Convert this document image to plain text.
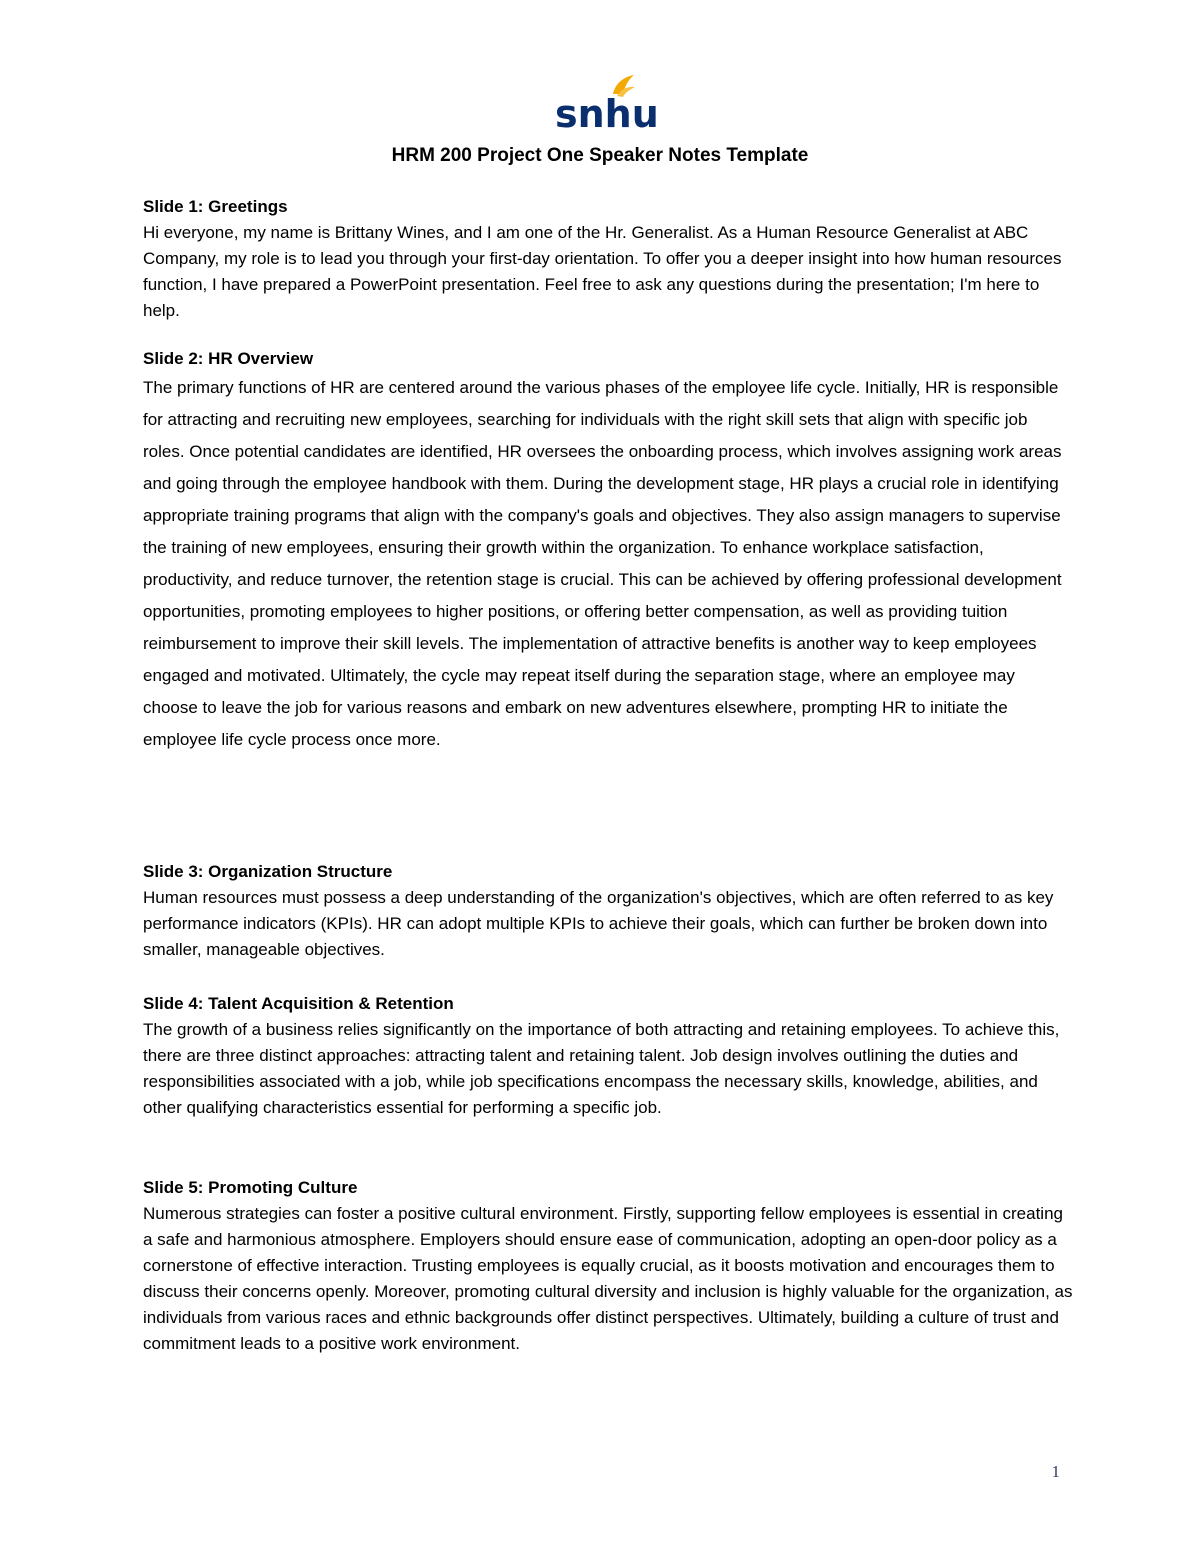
snhu
HRM 200 Project One Speaker Notes Template

Slide 1: Greetings

Hi everyone, my name is Brittany Wines, and I am one of the Hr. Generalist. As a Human Resource Generalist at ABC Company, my role is to lead you through your first-day orientation. To offer you a deeper insight into how human resources function, I have prepared a PowerPoint presentation. Feel free to ask any questions during the presentation; I'm here to help.

Slide 2: HR Overview

The primary functions of HR are centered around the various phases of the employee life cycle. Initially, HR is responsible for attracting and recruiting new employees, searching for individuals with the right skill sets that align with specific job roles. Once potential candidates are identified, HR oversees the onboarding process, which involves assigning work areas and going through the employee handbook with them. During the development stage, HR plays a crucial role in identifying appropriate training programs that align with the company's goals and objectives. They also assign managers to supervise the training of new employees, ensuring their growth within the organization. To enhance workplace satisfaction, productivity, and reduce turnover, the retention stage is crucial. This can be achieved by offering professional development opportunities, promoting employees to higher positions, or offering better compensation, as well as providing tuition reimbursement to improve their skill levels. The implementation of attractive benefits is another way to keep employees engaged and motivated. Ultimately, the cycle may repeat itself during the separation stage, where an employee may choose to leave the job for various reasons and embark on new adventures elsewhere, prompting HR to initiate the employee life cycle process once more.

Slide 3: Organization Structure

Human resources must possess a deep understanding of the organization's objectives, which are often referred to as key performance indicators (KPIs). HR can adopt multiple KPIs to achieve their goals, which can further be broken down into smaller, manageable objectives.

Slide 4: Talent Acquisition & Retention

The growth of a business relies significantly on the importance of both attracting and retaining employees. To achieve this, there are three distinct approaches: attracting talent and retaining talent. Job design involves outlining the duties and responsibilities associated with a job, while job specifications encompass the necessary skills, knowledge, abilities, and other qualifying characteristics essential for performing a specific job.

Slide 5: Promoting Culture

Numerous strategies can foster a positive cultural environment. Firstly, supporting fellow employees is essential in creating a safe and harmonious atmosphere. Employers should ensure ease of communication, adopting an open-door policy as a cornerstone of effective interaction. Trusting employees is equally crucial, as it boosts motivation and encourages them to discuss their concerns openly. Moreover, promoting cultural diversity and inclusion is highly valuable for the organization, as individuals from various races and ethnic backgrounds offer distinct perspectives. Ultimately, building a culture of trust and commitment leads to a positive work environment.

1
